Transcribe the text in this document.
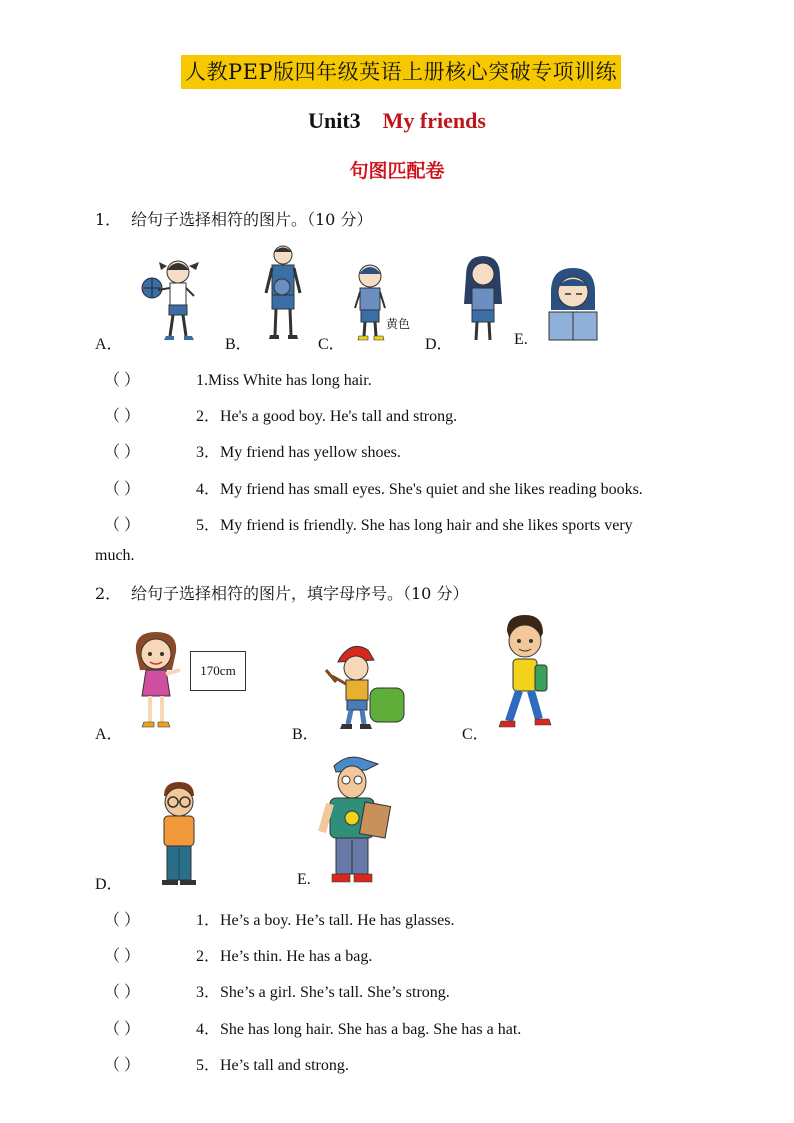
人教PEP版四年级英语上册核心突破专项训练
Unit3 My friends
句图匹配卷
1． 给句子选择相符的图片。（10 分）
黄色
A．	B．	C．	D．	E.
（ ）	1.Miss White has long hair.
（ ）	2．He's a good boy. He's tall and strong.
（ ）	3．My friend has yellow shoes.
（ ）	4．My friend has small eyes. She's quiet and she likes reading books.
（ ）	5．My friend is friendly. She has long hair and she likes sports very
much.
2． 给句子选择相符的图片，填字母序号。（10 分）
170cm
A．	B．	C．
D．	E.
（ ）	1．He’s a boy. He’s tall. He has glasses.
（ ）	2．He’s thin. He has a bag.
（ ）	3．She’s a girl. She’s tall. She’s strong.
（ ）	4．She has long hair. She has a bag. She has a hat.
（ ）	5．He’s tall and strong.
